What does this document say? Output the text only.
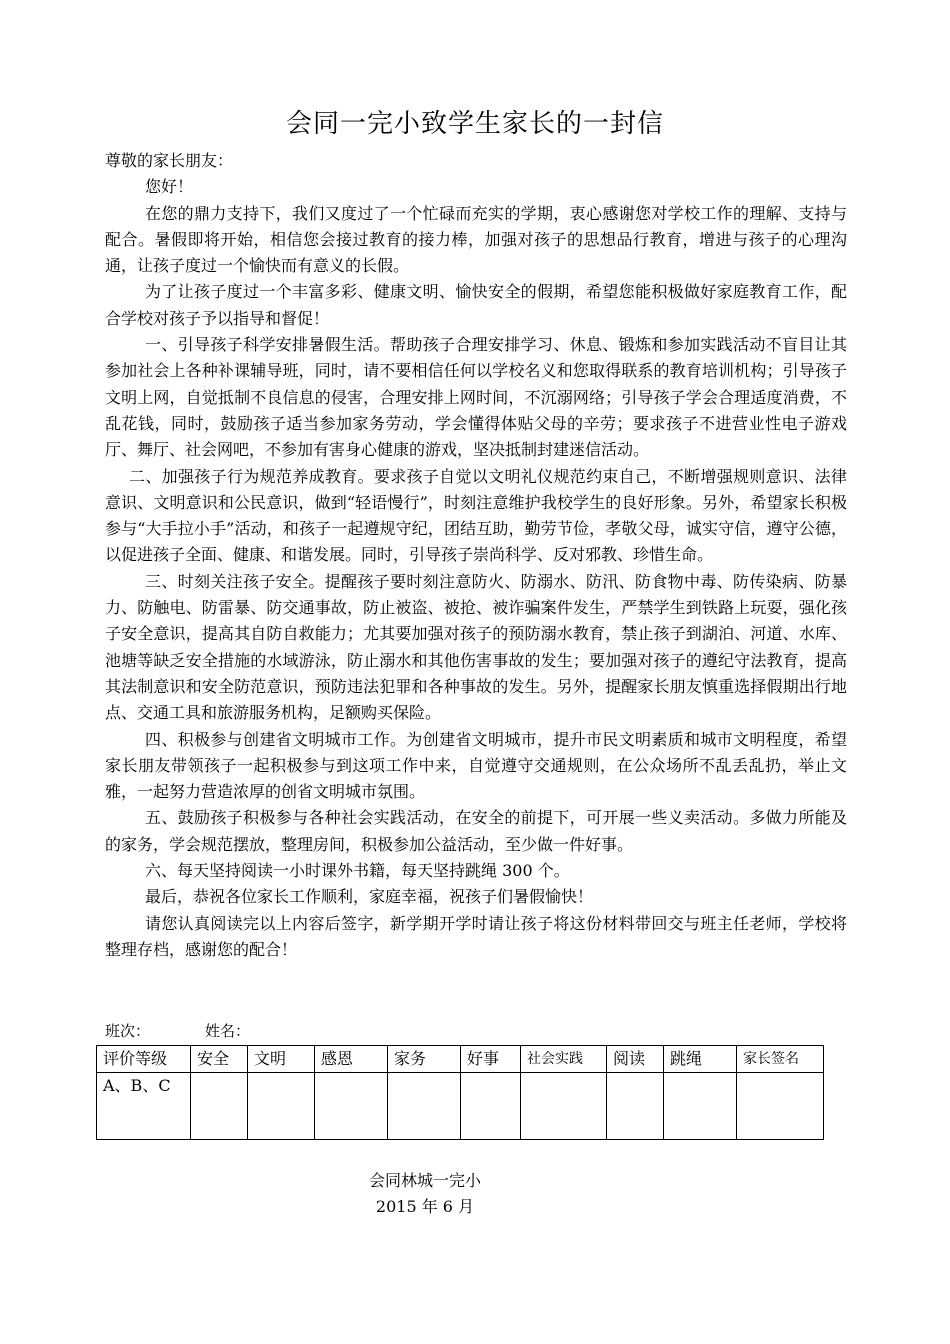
会同一完小致学生家长的一封信

尊敬的家长朋友：

您好！

在您的鼎力支持下，我们又度过了一个忙碌而充实的学期，衷心感谢您对学校工作的理解、支持与配合。暑假即将开始，相信您会接过教育的接力棒，加强对孩子的思想品行教育，增进与孩子的心理沟通，让孩子度过一个愉快而有意义的长假。

为了让孩子度过一个丰富多彩、健康文明、愉快安全的假期，希望您能积极做好家庭教育工作，配合学校对孩子予以指导和督促！

一、引导孩子科学安排暑假生活。帮助孩子合理安排学习、休息、锻炼和参加实践活动不盲目让其参加社会上各种补课辅导班，同时，请不要相信任何以学校名义和您取得联系的教育培训机构；引导孩子文明上网，自觉抵制不良信息的侵害，合理安排上网时间，不沉溺网络；引导孩子学会合理适度消费，不乱花钱，同时，鼓励孩子适当参加家务劳动，学会懂得体贴父母的辛劳；要求孩子不进营业性电子游戏厅、舞厅、社会网吧，不参加有害身心健康的游戏，坚决抵制封建迷信活动。

二、加强孩子行为规范养成教育。要求孩子自觉以文明礼仪规范约束自己，不断增强规则意识、法律意识、文明意识和公民意识，做到“轻语慢行”，时刻注意维护我校学生的良好形象。另外，希望家长积极参与“大手拉小手”活动，和孩子一起遵规守纪，团结互助，勤劳节俭，孝敬父母，诚实守信，遵守公德，以促进孩子全面、健康、和谐发展。同时，引导孩子崇尚科学、反对邪教、珍惜生命。

三、时刻关注孩子安全。提醒孩子要时刻注意防火、防溺水、防汛、防食物中毒、防传染病、防暴力、防触电、防雷暴、防交通事故，防止被盗、被抢、被诈骗案件发生，严禁学生到铁路上玩耍，强化孩子安全意识，提高其自防自救能力；尤其要加强对孩子的预防溺水教育，禁止孩子到湖泊、河道、水库、池塘等缺乏安全措施的水域游泳，防止溺水和其他伤害事故的发生；要加强对孩子的遵纪守法教育，提高其法制意识和安全防范意识，预防违法犯罪和各种事故的发生。另外，提醒家长朋友慎重选择假期出行地点、交通工具和旅游服务机构，足额购买保险。

四、积极参与创建省文明城市工作。为创建省文明城市，提升市民文明素质和城市文明程度，希望家长朋友带领孩子一起积极参与到这项工作中来，自觉遵守交通规则，在公众场所不乱丢乱扔，举止文雅，一起努力营造浓厚的创省文明城市氛围。

五、鼓励孩子积极参与各种社会实践活动，在安全的前提下，可开展一些义卖活动。多做力所能及的家务，学会规范摆放，整理房间，积极参加公益活动，至少做一件好事。

六、每天坚持阅读一小时课外书籍，每天坚持跳绳 300 个。

最后，恭祝各位家长工作顺利，家庭幸福，祝孩子们暑假愉快！

请您认真阅读完以上内容后签字，新学期开学时请让孩子将这份材料带回交与班主任老师，学校将整理存档，感谢您的配合！

班次：	姓名：
评价等级	安全	文明	感恩	家务	好事	社会实践	阅读	跳绳	家长签名
A、B、C									
会同林城一完小
2015 年 6 月
